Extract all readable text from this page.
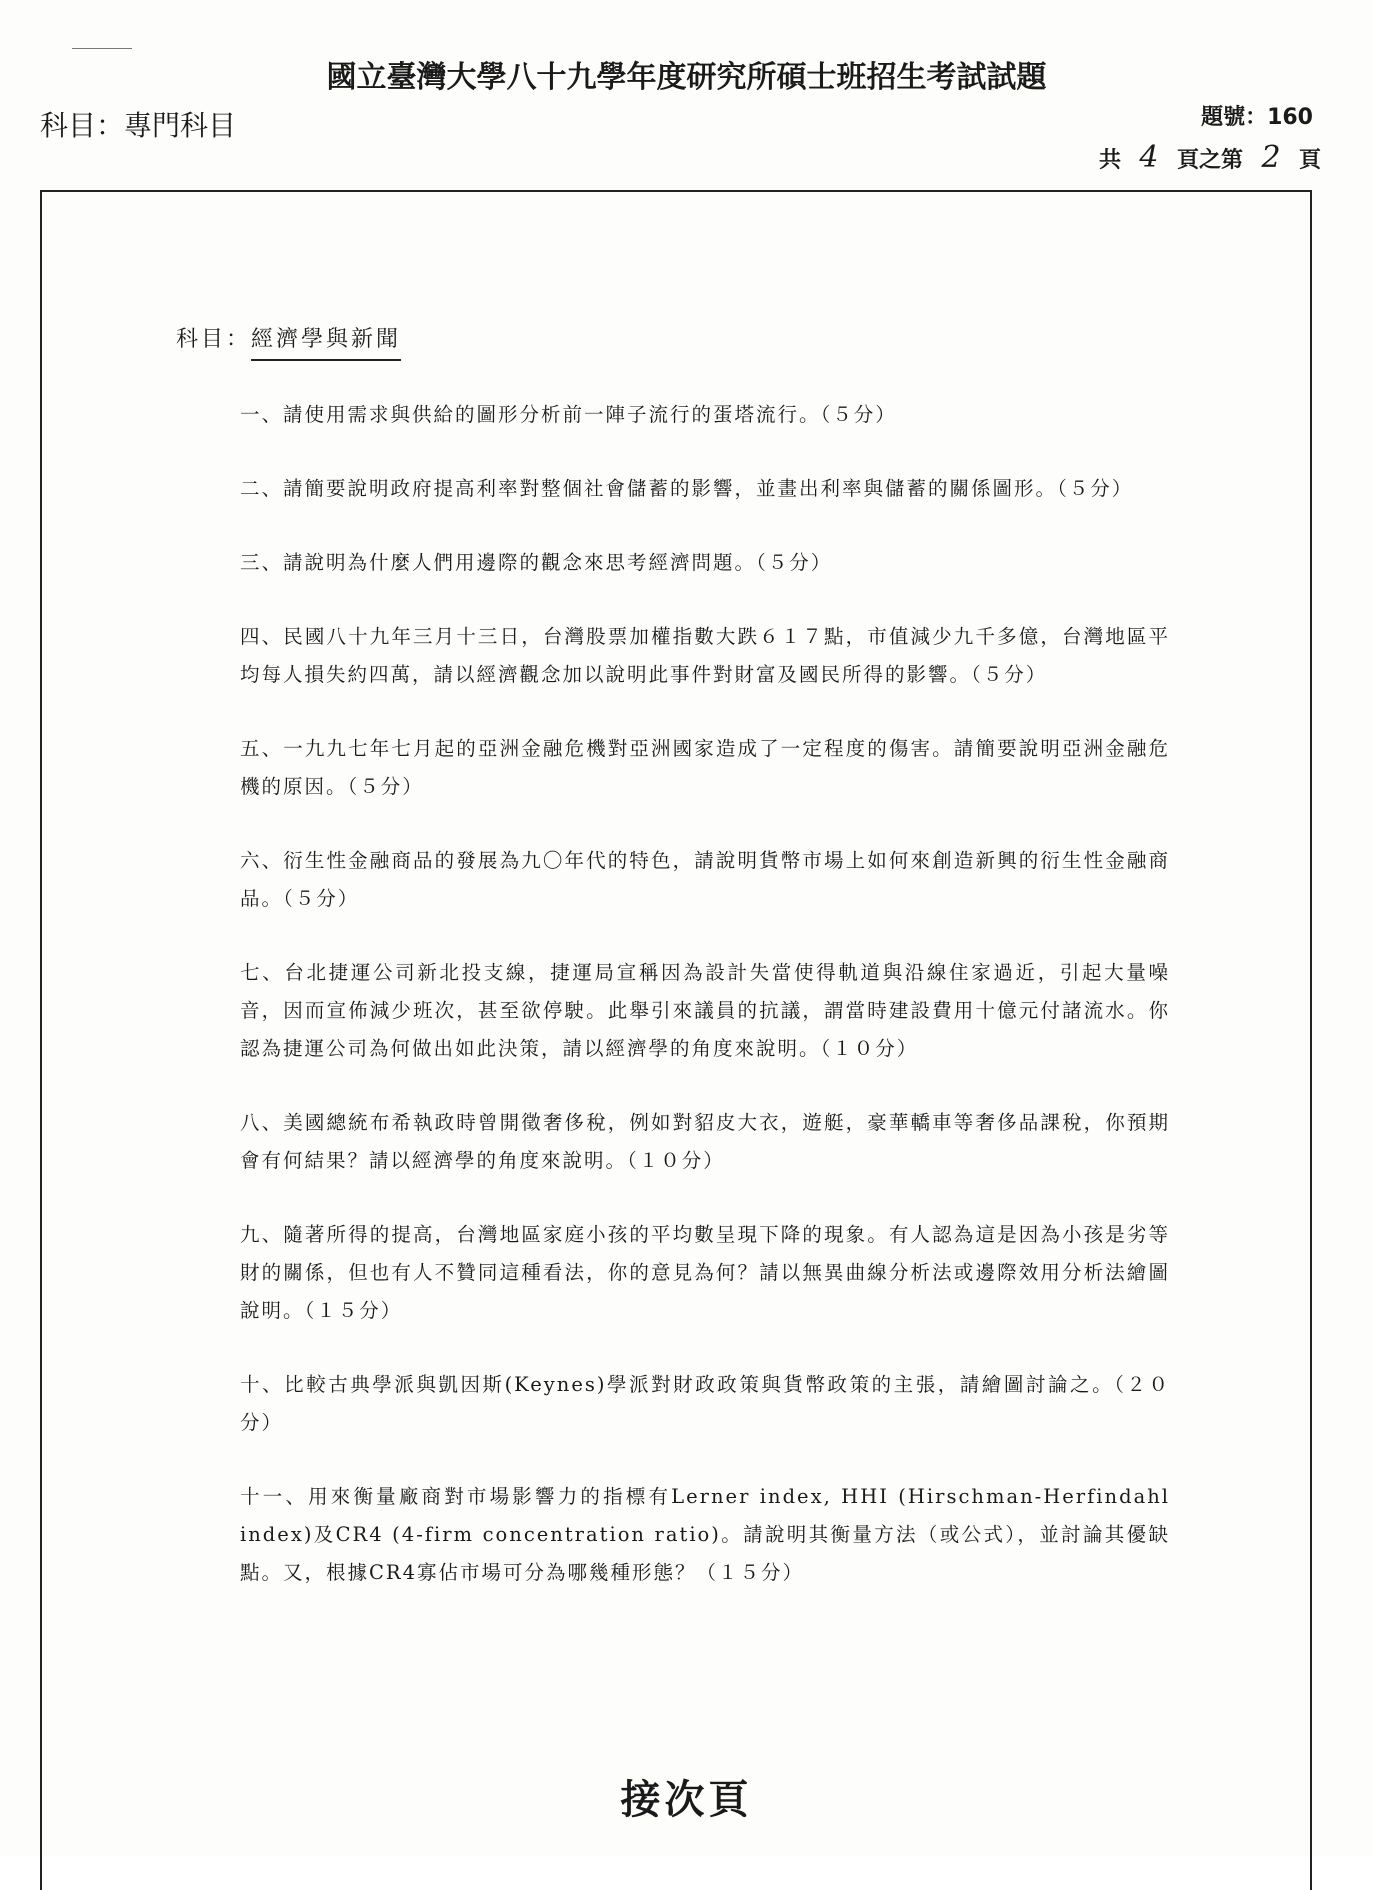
國立臺灣大學八十九學年度研究所碩士班招生考試試題
科目：專門科目	題號：160
共 4 頁之第 2 頁
科目：經濟學與新聞
一、請使用需求與供給的圖形分析前一陣子流行的蛋塔流行。（５分）
二、請簡要說明政府提高利率對整個社會儲蓄的影響，並畫出利率與儲蓄的關係圖形。（５分）
三、請說明為什麼人們用邊際的觀念來思考經濟問題。（５分）
四、民國八十九年三月十三日，台灣股票加權指數大跌６１７點，市值減少九千多億，台灣地區平均每人損失約四萬，請以經濟觀念加以說明此事件對財富及國民所得的影響。（５分）
五、一九九七年七月起的亞洲金融危機對亞洲國家造成了一定程度的傷害。請簡要說明亞洲金融危機的原因。（５分）
六、衍生性金融商品的發展為九〇年代的特色，請說明貨幣市場上如何來創造新興的衍生性金融商品。（５分）
七、台北捷運公司新北投支線，捷運局宣稱因為設計失當使得軌道與沿線住家過近，引起大量噪音，因而宣佈減少班次，甚至欲停駛。此舉引來議員的抗議，謂當時建設費用十億元付諸流水。你認為捷運公司為何做出如此決策，請以經濟學的角度來說明。（１０分）
八、美國總統布希執政時曾開徵奢侈稅，例如對貂皮大衣，遊艇，豪華轎車等奢侈品課稅，你預期會有何結果？請以經濟學的角度來說明。（１０分）
九、隨著所得的提高，台灣地區家庭小孩的平均數呈現下降的現象。有人認為這是因為小孩是劣等財的關係，但也有人不贊同這種看法，你的意見為何？請以無異曲線分析法或邊際效用分析法繪圖說明。（１５分）
十、比較古典學派與凱因斯(Keynes)學派對財政政策與貨幣政策的主張，請繪圖討論之。（２０分）
十一、用來衡量廠商對市場影響力的指標有Lerner index, HHI (Hirschman-Herfindahl index)及CR4 (4-firm concentration ratio)。請說明其衡量方法（或公式），並討論其優缺點。又，根據CR4寡佔市場可分為哪幾種形態？（１５分）
接次頁
